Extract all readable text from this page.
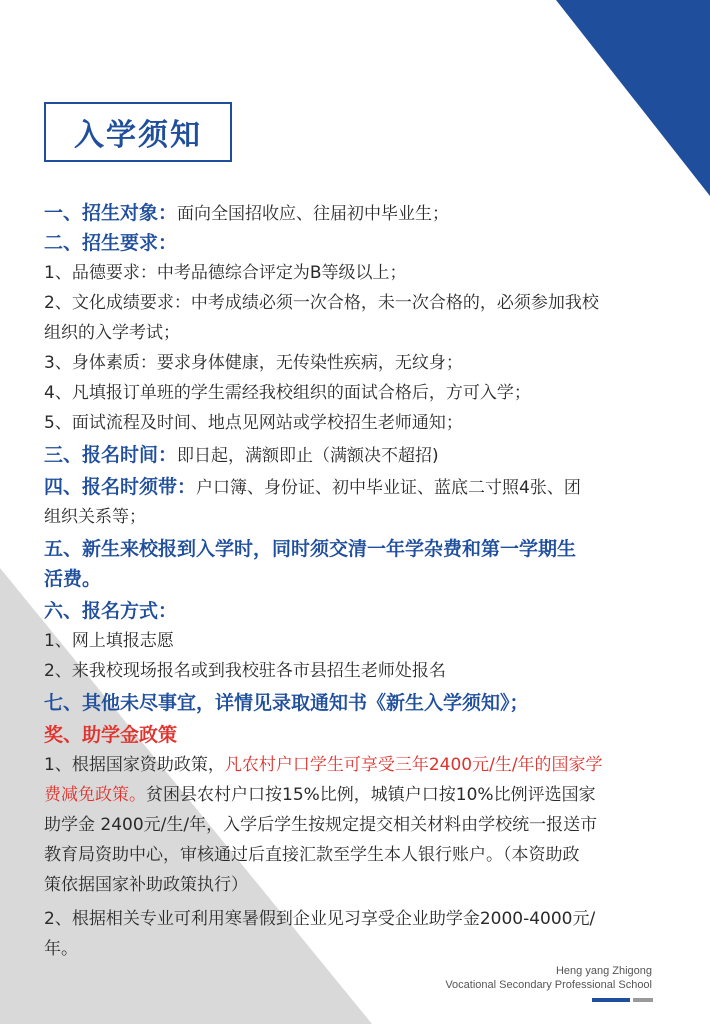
入学须知
一、招生对象：面向全国招收应、往届初中毕业生；
二、招生要求：
1、品德要求：中考品德综合评定为B等级以上；
2、文化成绩要求：中考成绩必须一次合格，未一次合格的，必须参加我校
组织的入学考试；
3、身体素质：要求身体健康，无传染性疾病，无纹身；
4、凡填报订单班的学生需经我校组织的面试合格后，方可入学；
5、面试流程及时间、地点见网站或学校招生老师通知；
三、报名时间：即日起，满额即止（满额决不超招)
四、报名时须带：户口簿、身份证、初中毕业证、蓝底二寸照4张、团
组织关系等；
五、新生来校报到入学时，同时须交清一年学杂费和第一学期生
活费。
六、报名方式：
1、网上填报志愿
2、来我校现场报名或到我校驻各市县招生老师处报名
七、其他未尽事宜，详情见录取通知书《新生入学须知》；
奖、助学金政策
1、根据国家资助政策，凡农村户口学生可享受三年2400元/生/年的国家学
费减免政策。贫困县农村户口按15%比例，城镇户口按10%比例评选国家
助学金 2400元/生/年，入学后学生按规定提交相关材料由学校统一报送市
教育局资助中心，审核通过后直接汇款至学生本人银行账户。（本资助政
策依据国家补助政策执行）
2、根据相关专业可利用寒暑假到企业见习享受企业助学金2000-4000元/
年。
Heng yang Zhigong
Vocational Secondary Professional School
